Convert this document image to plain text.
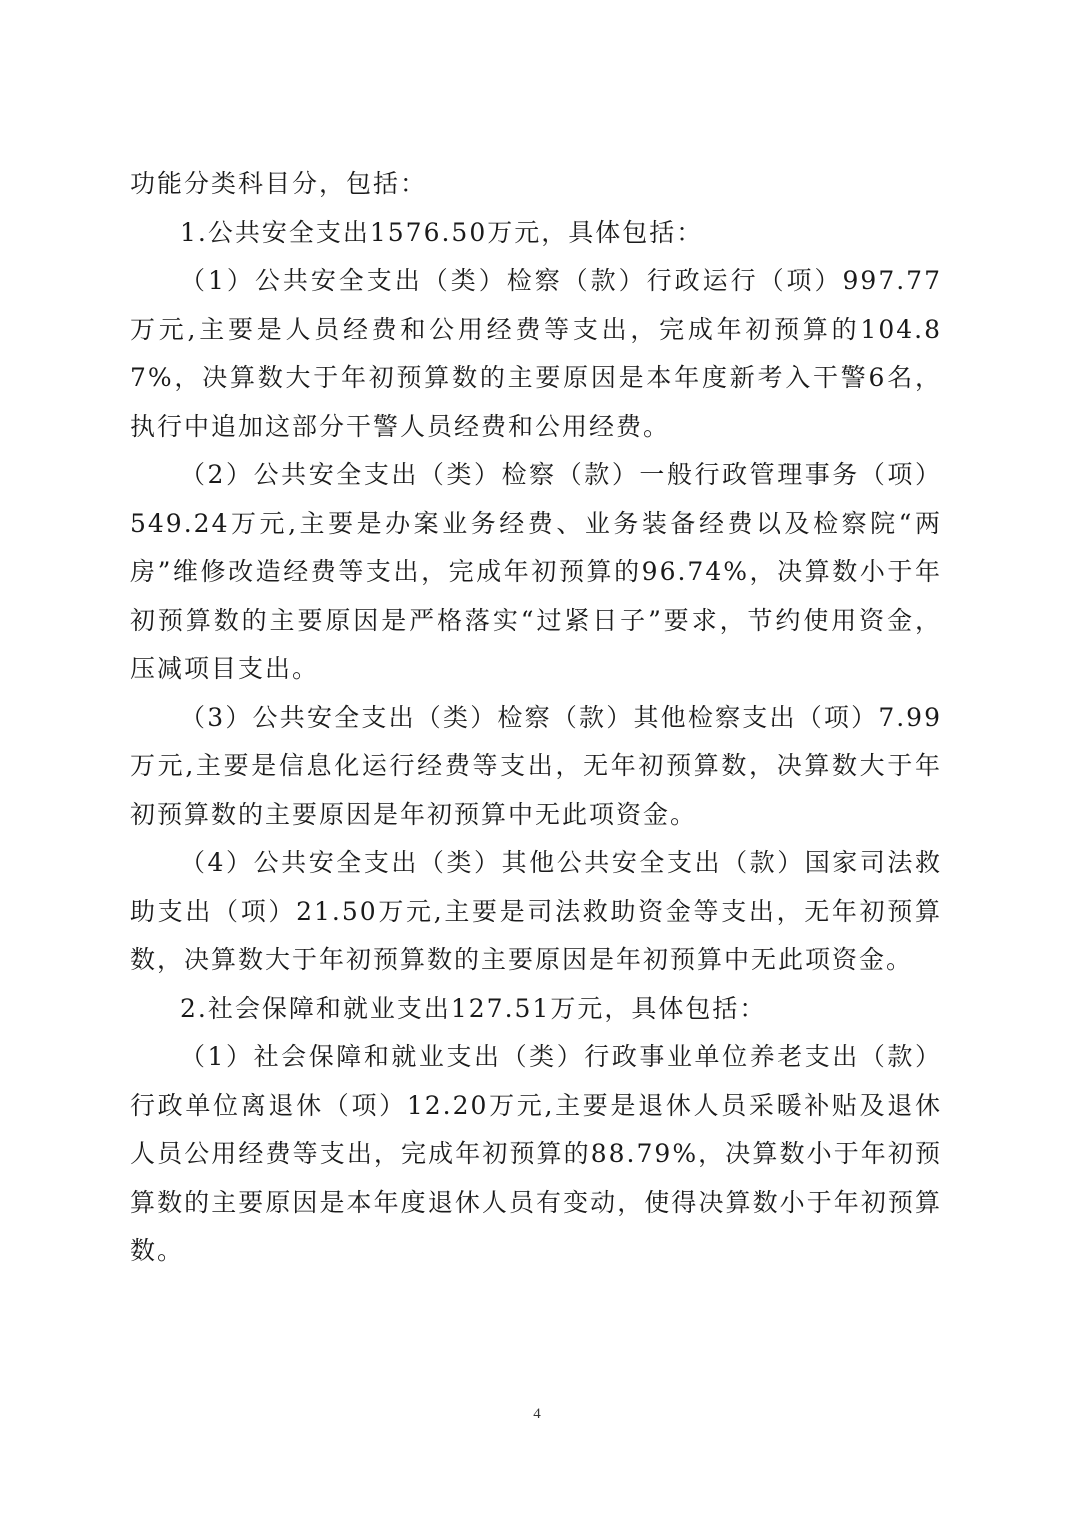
功能分类科目分，包括：

1.公共安全支出1576.50万元，具体包括：

（1）公共安全支出（类）检察（款）行政运行（项）997.77万元,主要是人员经费和公用经费等支出，完成年初预算的104.87%，决算数大于年初预算数的主要原因是本年度新考入干警6名，执行中追加这部分干警人员经费和公用经费。

（2）公共安全支出（类）检察（款）一般行政管理事务（项）549.24万元,主要是办案业务经费、业务装备经费以及检察院“两房”维修改造经费等支出，完成年初预算的96.74%，决算数小于年初预算数的主要原因是严格落实“过紧日子”要求，节约使用资金，压减项目支出。

（3）公共安全支出（类）检察（款）其他检察支出（项）7.99万元,主要是信息化运行经费等支出，无年初预算数，决算数大于年初预算数的主要原因是年初预算中无此项资金。

（4）公共安全支出（类）其他公共安全支出（款）国家司法救助支出（项）21.50万元,主要是司法救助资金等支出，无年初预算数，决算数大于年初预算数的主要原因是年初预算中无此项资金。

2.社会保障和就业支出127.51万元，具体包括：

（1）社会保障和就业支出（类）行政事业单位养老支出（款）行政单位离退休（项）12.20万元,主要是退休人员采暖补贴及退休人员公用经费等支出，完成年初预算的88.79%，决算数小于年初预算数的主要原因是本年度退休人员有变动，使得决算数小于年初预算数。

4
